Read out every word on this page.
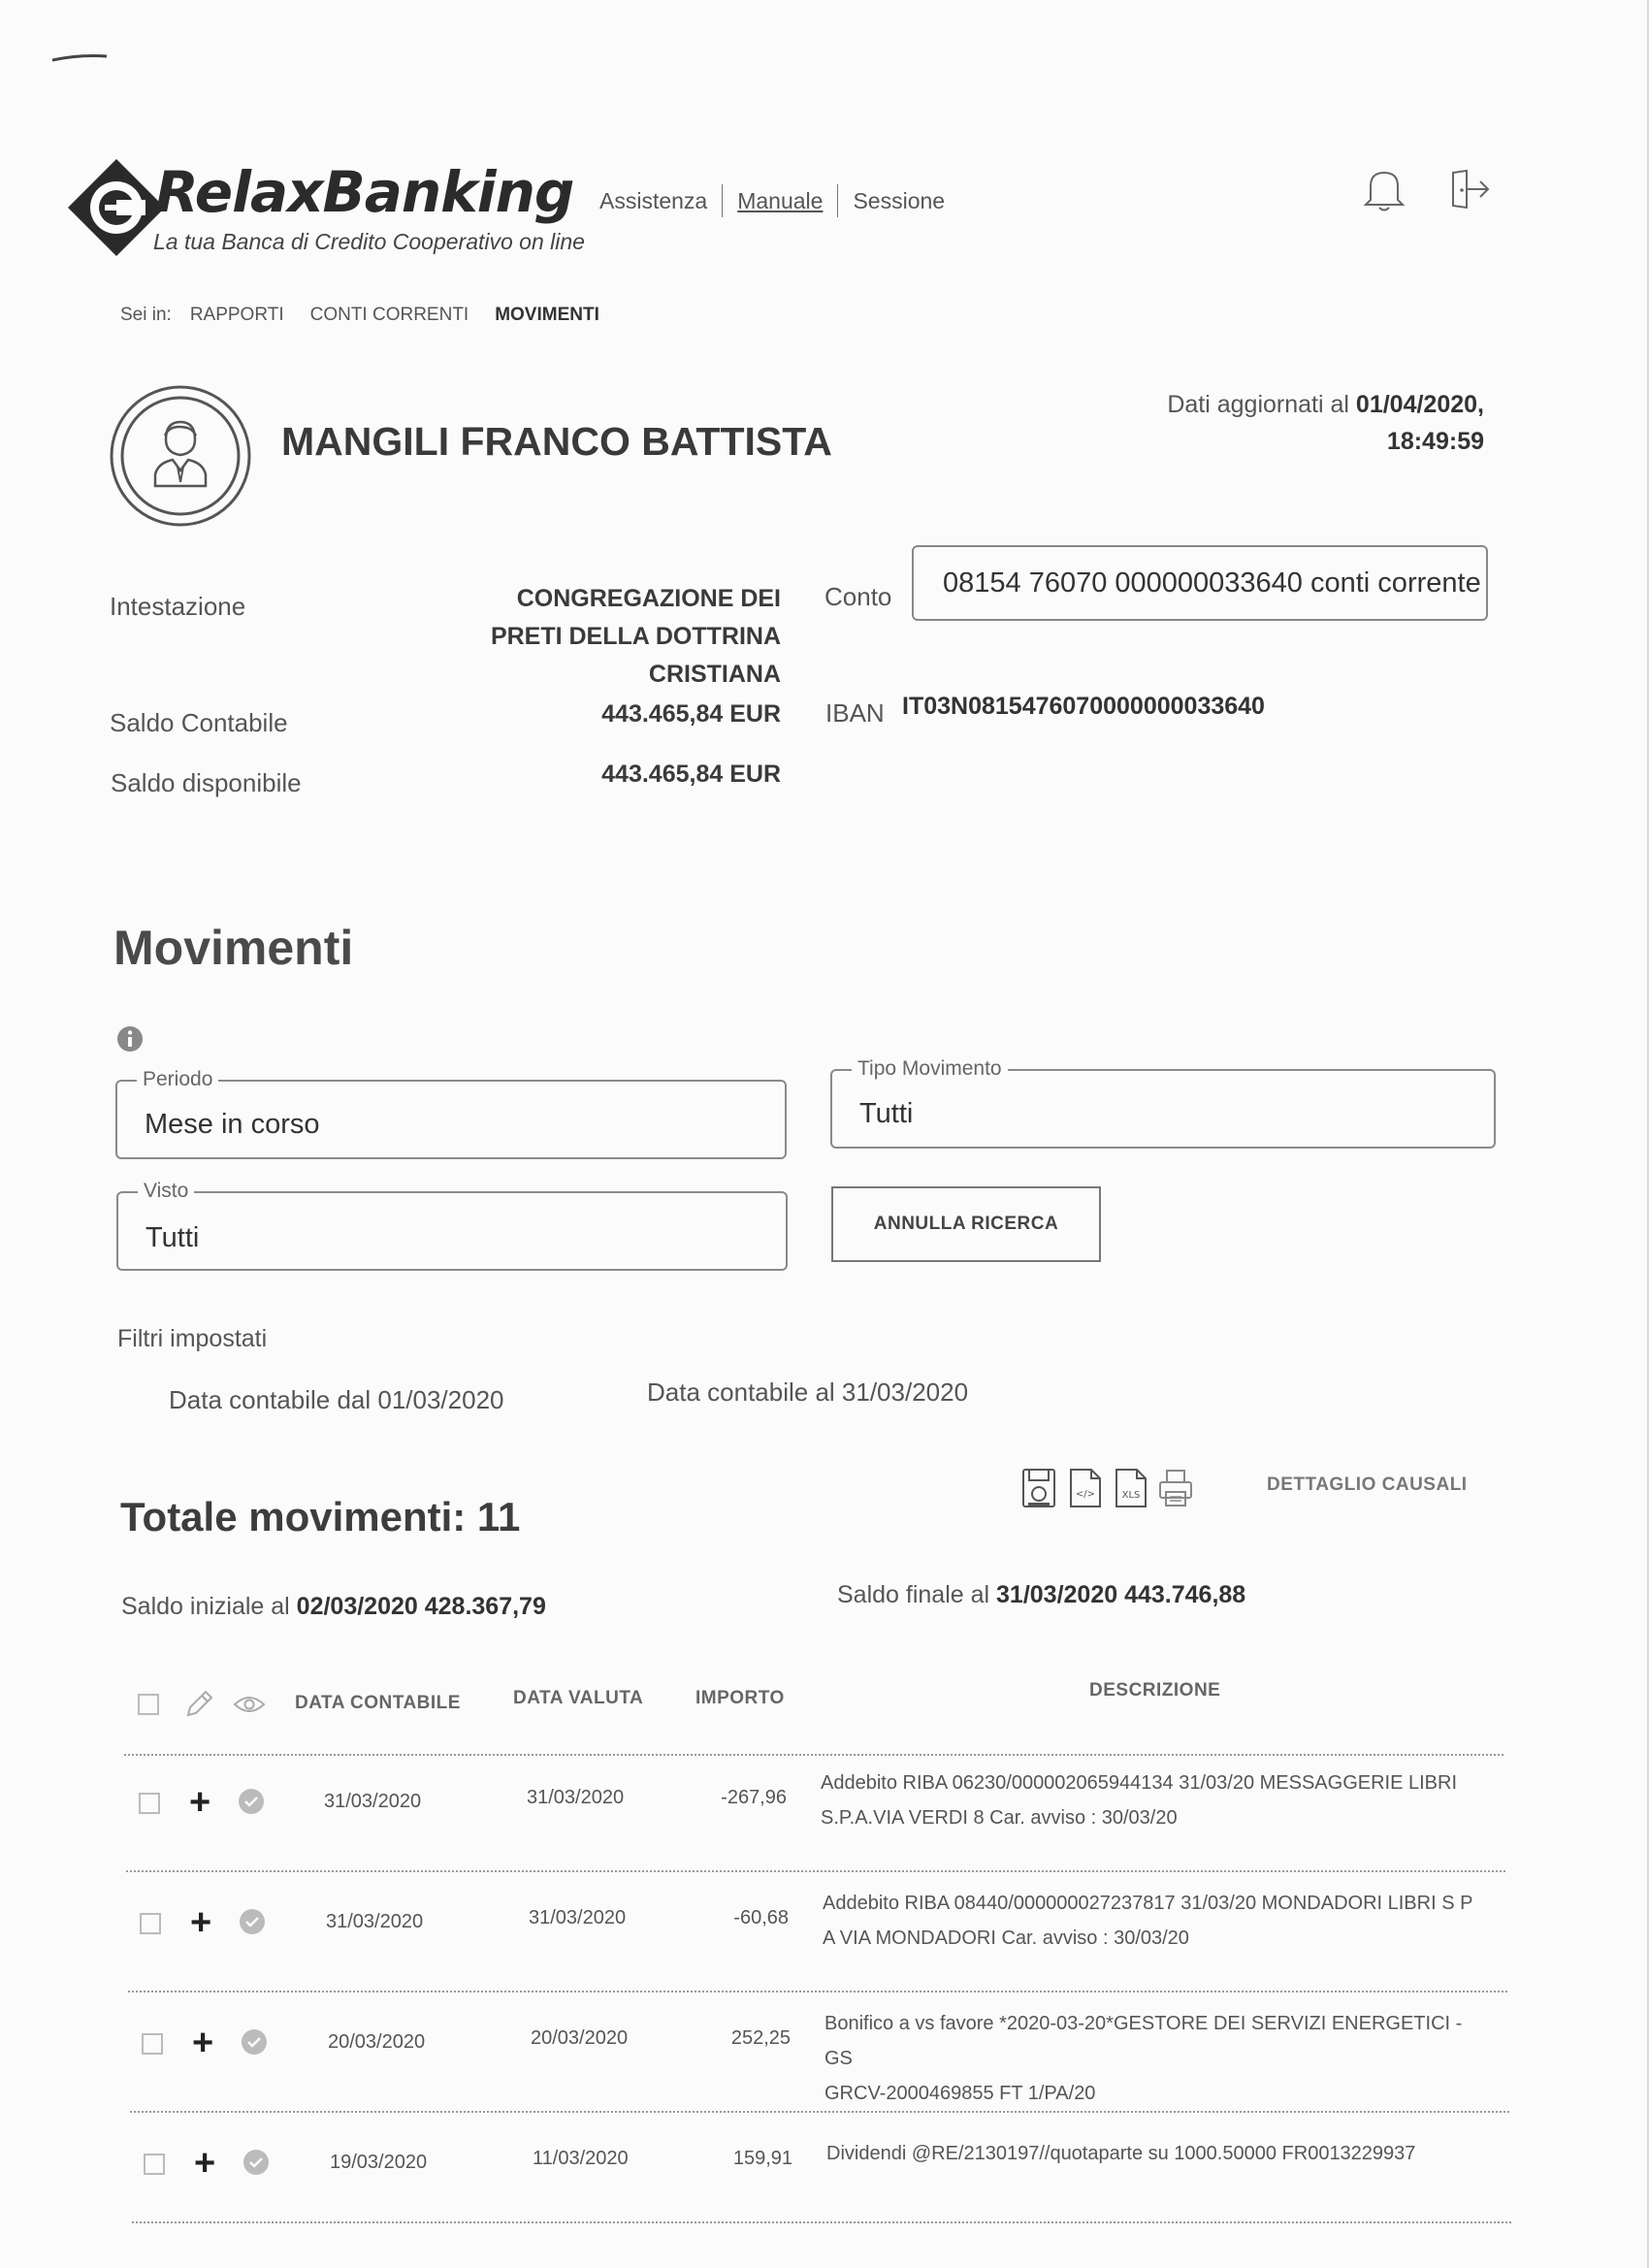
RelaxBanking
La tua Banca di Credito Cooperativo on line
Assistenza Manuale Sessione
Sei in: RAPPORTI CONTI CORRENTI MOVIMENTI
MANGILI FRANCO BATTISTA
Dati aggiornati al 01/04/2020,
18:49:59
Intestazione	CONGREGAZIONE DEI
PRETI DELLA DOTTRINA
CRISTIANA
Conto	08154 76070 000000033640 conti corrente
Saldo Contabile	443.465,84 EUR IBAN IT03N0815476070000000033640
Saldo disponibile	443.465,84 EUR
Movimenti
Periodo
Mese in corso
Tipo Movimento
Tutti
Visto
Tutti	ANNULLA RICERCA
Filtri impostati
Data contabile dal 01/03/2020	Data contabile al 31/03/2020
Totale movimenti: 11	</>	XLS
DETTAGLIO CAUSALI
Saldo iniziale al 02/03/2020 428.367,79	Saldo finale al 31/03/2020 443.746,88
DATA CONTABILE	DATA VALUTA	IMPORTO	DESCRIZIONE
+	31/03/2020	31/03/2020	-267,96
Addebito RIBA 06230/000002065944134 31/03/20 MESSAGGERIE LIBRI
S.P.A.VIA VERDI 8 Car. avviso : 30/03/20
+	31/03/2020	31/03/2020	-60,68
Addebito RIBA 08440/000000027237817 31/03/20 MONDADORI LIBRI S P
A VIA MONDADORI Car. avviso : 30/03/20
+	20/03/2020	20/03/2020	252,25
Bonifico a vs favore *2020-03-20*GESTORE DEI SERVIZI ENERGETICI - GS
GRCV-2000469855 FT 1/PA/20
+	19/03/2020	11/03/2020	159,91 Dividendi @RE/2130197//quotaparte su 1000.50000 FR0013229937
